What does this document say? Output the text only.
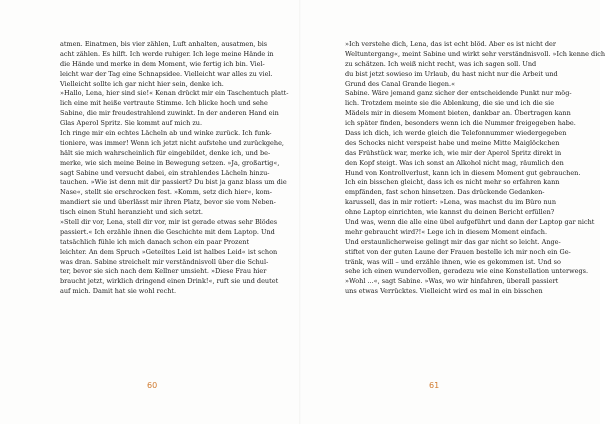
atmen. Einatmen, bis vier zählen, Luft anhalten, ausatmen, bis
acht zählen. Es hilft. Ich werde ruhiger. Ich lege meine Hände in
die Hände und merke in dem Moment, wie fertig ich bin. Viel-
leicht war der Tag eine Schnapsidee. Vielleicht war alles zu viel.
Vielleicht sollte ich gar nicht hier sein, denke ich.
»Hallo, Lena, hier sind sie!« Kenan drückt mir ein Taschentuch platt-
lich eine mit heiße vertraute Stimme. Ich blicke hoch und sehe
Sabine, die mir freudestrahlend zuwinkt. In der anderen Hand ein
Glas Aperol Spritz. Sie kommt auf mich zu.
Ich ringe mir ein echtes Lächeln ab und winke zurück. Ich funk-
tioniere, was immer! Wenn ich jetzt nicht aufstehe und zurückgehe,
hält sie mich wahrscheinlich für eingebildet, denke ich, und be-
merke, wie sich meine Beine in Bewegung setzen. »Ja, großartig«,
sagt Sabine und versucht dabei, ein strahlendes Lächeln hinzu-
tauchen. »Wie ist denn mit dir passiert? Du bist ja ganz blass um die
Nase«, stellt sie erschrocken fest. »Komm, setz dich hier«, kom-
mandiert sie und überlässt mir ihren Platz, bevor sie vom Neben-
tisch einen Stuhl heranzieht und sich setzt.
»Stell dir vor, Lena, stell dir vor, mir ist gerade etwas sehr Blödes
passiert.« Ich erzähle ihnen die Geschichte mit dem Laptop. Und
tatsächlich fühle ich mich danach schon ein paar Prozent
leichter. An dem Spruch »Geteiltes Leid ist halbes Leid« ist schon
was dran. Sabine streichelt mir verständnisvoll über die Schul-
ter, bevor sie sich nach dem Kellner umsieht. »Diese Frau hier
braucht jetzt, wirklich dringend einen Drink!«, ruft sie und deutet
auf mich. Damit hat sie wohl recht.
60
»Ich verstehe dich, Lena, das ist echt blöd. Aber es ist nicht der
Weltuntergang«, meint Sabine und wirkt sehr verständnisvoll. »Ich kenne dich
zu schätzen. Ich weiß nicht recht, was ich sagen soll. Und
du bist jetzt sowieso im Urlaub, du hast nicht nur die Arbeit und
Grund des Canal Grande liegen.«
Sabine. Wäre jemand ganz sicher der entscheidende Punkt nur mög-
lich. Trotzdem meinte sie die Ablenkung, die sie und ich die sie
Mädels mir in diesem Moment bieten, dankbar an. Übertragen kann
ich später finden, besonders wenn ich die Nummer freigegeben habe.
Dass ich dich, ich werde gleich die Telefonnummer wiedergegeben
des Schocks nicht verspeist habe und meine Mitte Maiglöckchen
das Frühstück war, merke ich, wie mir der Aperol Spritz direkt in
den Kopf steigt. Was ich sonst an Alkohol nicht mag, räumlich den
Hund von Kontrollverlust, kann ich in diesem Moment gut gebrauchen.
Ich ein bisschen gleicht, dass ich es nicht mehr so erfahren kann
empfänden, fast schon hinsetzen. Das drückende Gedanken-
karussell, das in mir rotiert: »Lena, was machst du im Büro nun
ohne Laptop einrichten, wie kannst du deinen Bericht erfüllen?
Und was, wenn die alle eine übel aufgeführt und dann der Laptop gar nicht
mehr gebraucht wird?!« Lege ich in diesem Moment einfach.
Und erstaunlicherweise gelingt mir das gar nicht so leicht. Ange-
stiftet von der guten Laune der Frauen bestelle ich mir noch ein Ge-
tränk, was will – und erzähle ihnen, wie es gekommen ist. Und so
sehe ich einen wundervollen, geradezu wie eine Konstellation unterwegs.
»Wohl ...«, sagt Sabine. »Was, wo wir hinfahren, überall passiert
uns etwas Verrücktes. Vielleicht wird es mal in ein bisschen
61
